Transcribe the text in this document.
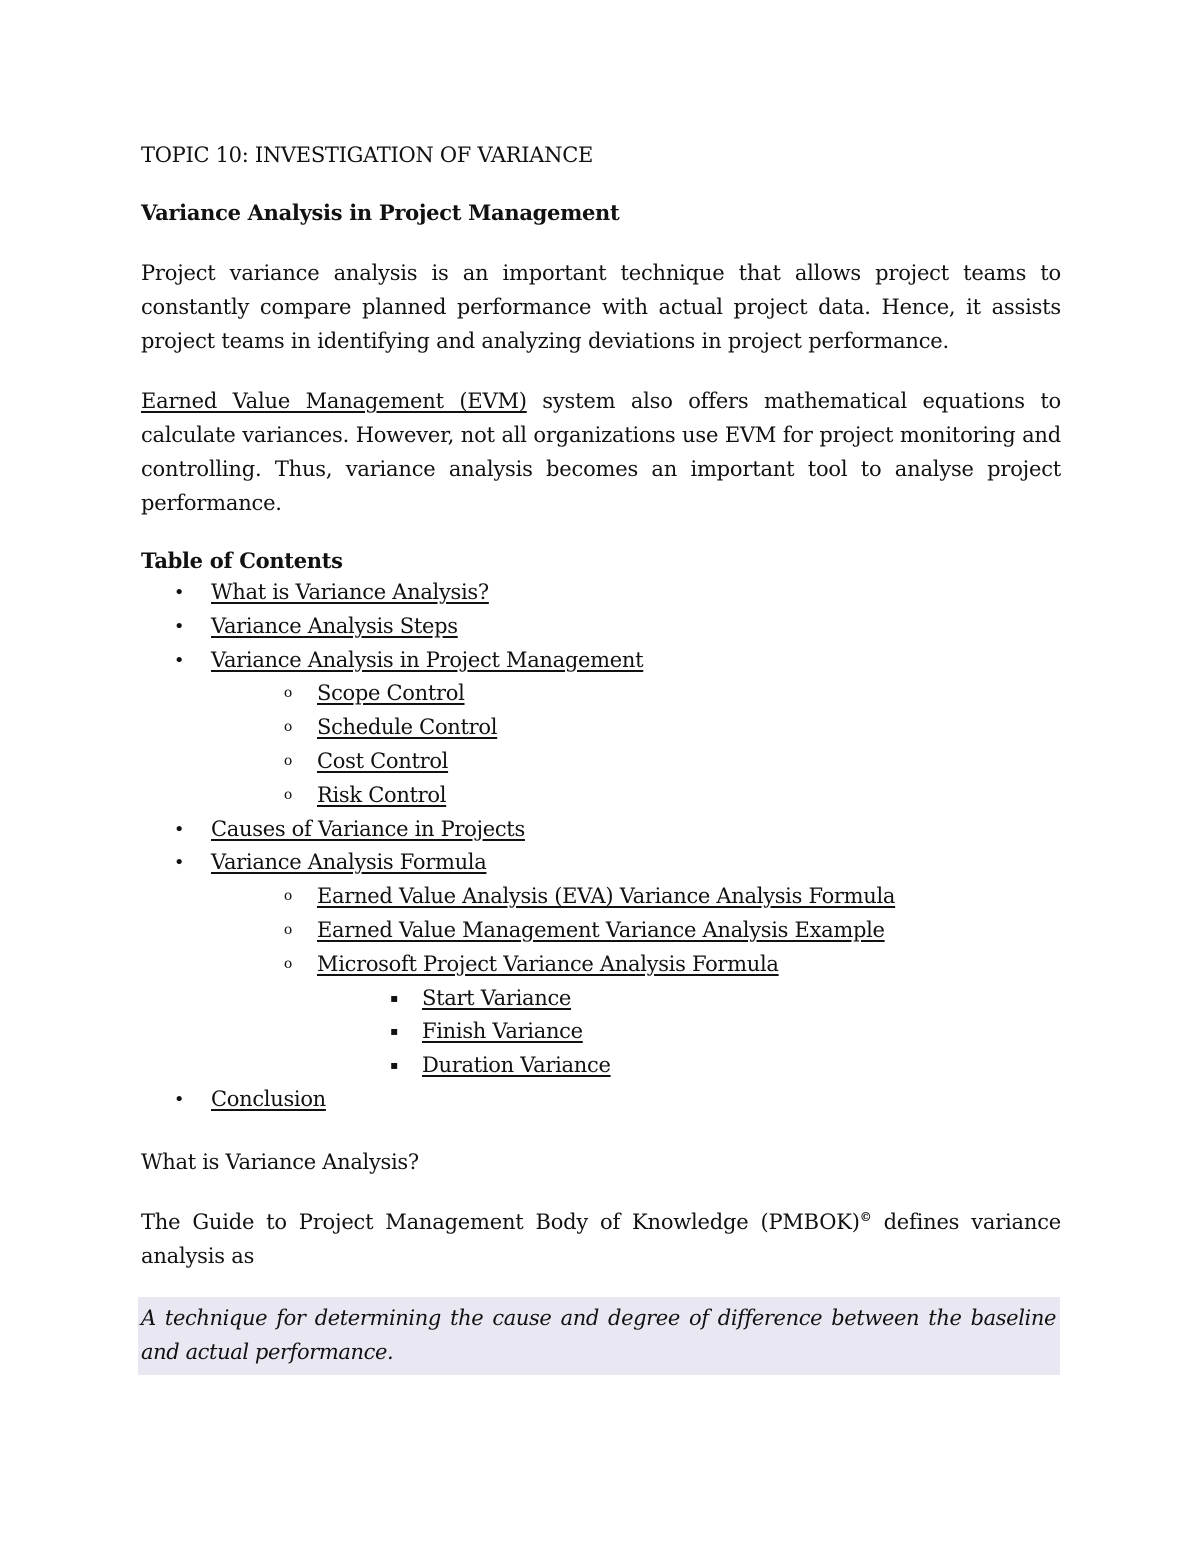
TOPIC 10: INVESTIGATION OF VARIANCE
Variance Analysis in Project Management

Project variance analysis is an important technique that allows project teams to constantly compare planned performance with actual project data. Hence, it assists project teams in identifying and analyzing deviations in project performance.

Earned Value Management (EVM) system also offers mathematical equations to calculate variances. However, not all organizations use EVM for project monitoring and controlling. Thus, variance analysis becomes an important tool to analyse project performance.

Table of Contents
• What is Variance Analysis?
• Variance Analysis Steps
• Variance Analysis in Project Management
o Scope Control
o Schedule Control
o Cost Control
o Risk Control
• Causes of Variance in Projects
• Variance Analysis Formula
o Earned Value Analysis (EVA) Variance Analysis Formula
o Earned Value Management Variance Analysis Example
o Microsoft Project Variance Analysis Formula
▪ Start Variance
▪ Finish Variance
▪ Duration Variance
• Conclusion

What is Variance Analysis?

The Guide to Project Management Body of Knowledge (PMBOK)© defines variance analysis as

A technique for determining the cause and degree of difference between the baseline and actual performance.
